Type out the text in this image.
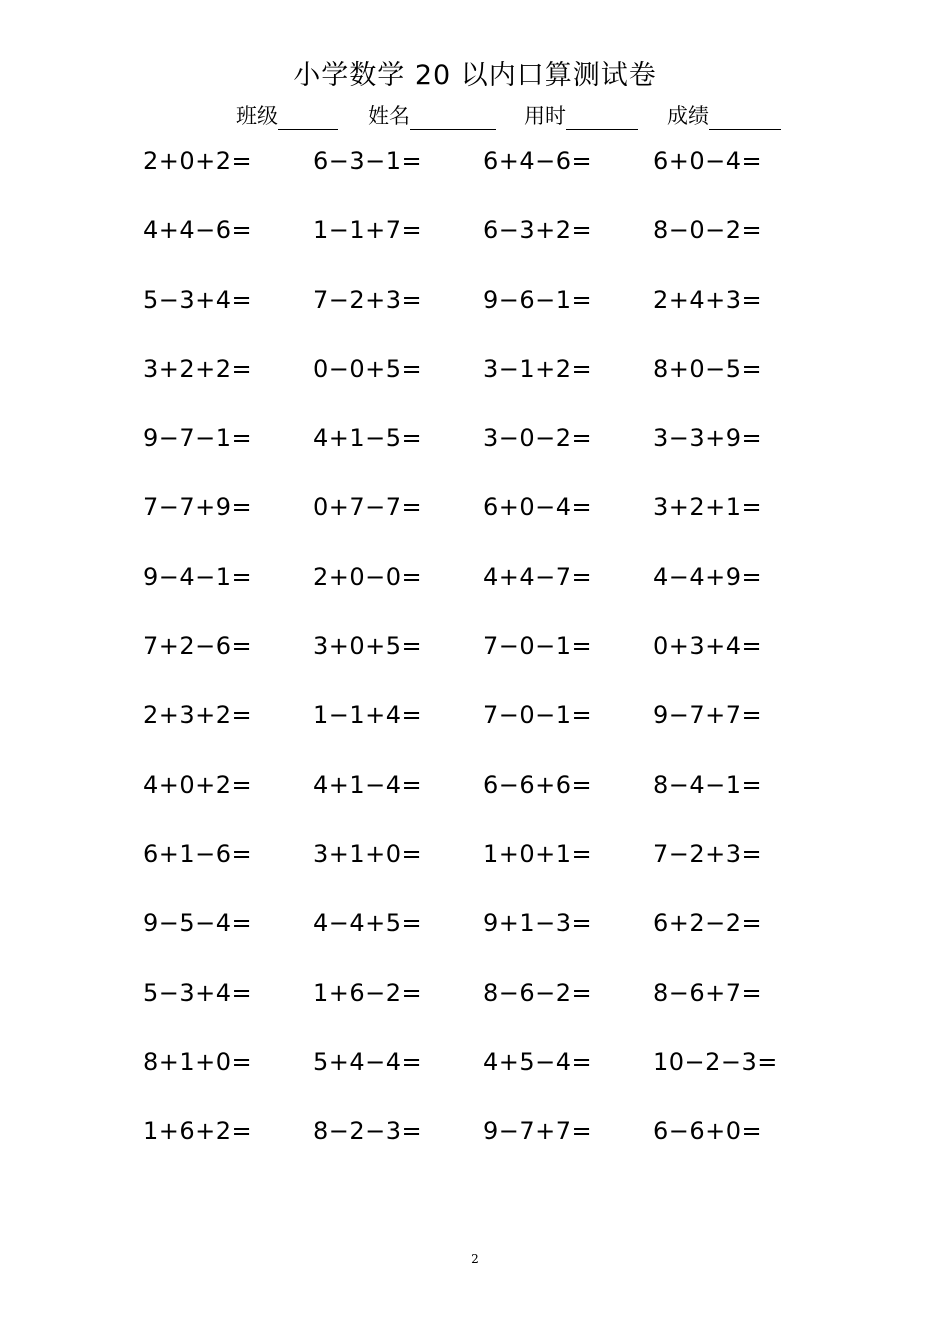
小学数学 20 以内口算测试卷
班级	姓名	用时	成绩
2+0+2=	6−3−1=	6+4−6=	6+0−4=
4+4−6=	1−1+7=	6−3+2=	8−0−2=
5−3+4=	7−2+3=	9−6−1=	2+4+3=
3+2+2=	0−0+5=	3−1+2=	8+0−5=
9−7−1=	4+1−5=	3−0−2=	3−3+9=
7−7+9=	0+7−7=	6+0−4=	3+2+1=
9−4−1=	2+0−0=	4+4−7=	4−4+9=
7+2−6=	3+0+5=	7−0−1=	0+3+4=
2+3+2=	1−1+4=	7−0−1=	9−7+7=
4+0+2=	4+1−4=	6−6+6=	8−4−1=
6+1−6=	3+1+0=	1+0+1=	7−2+3=
9−5−4=	4−4+5=	9+1−3=	6+2−2=
5−3+4=	1+6−2=	8−6−2=	8−6+7=
8+1+0=	5+4−4=	4+5−4=	10−2−3=
1+6+2=	8−2−3=	9−7+7=	6−6+0=
2
